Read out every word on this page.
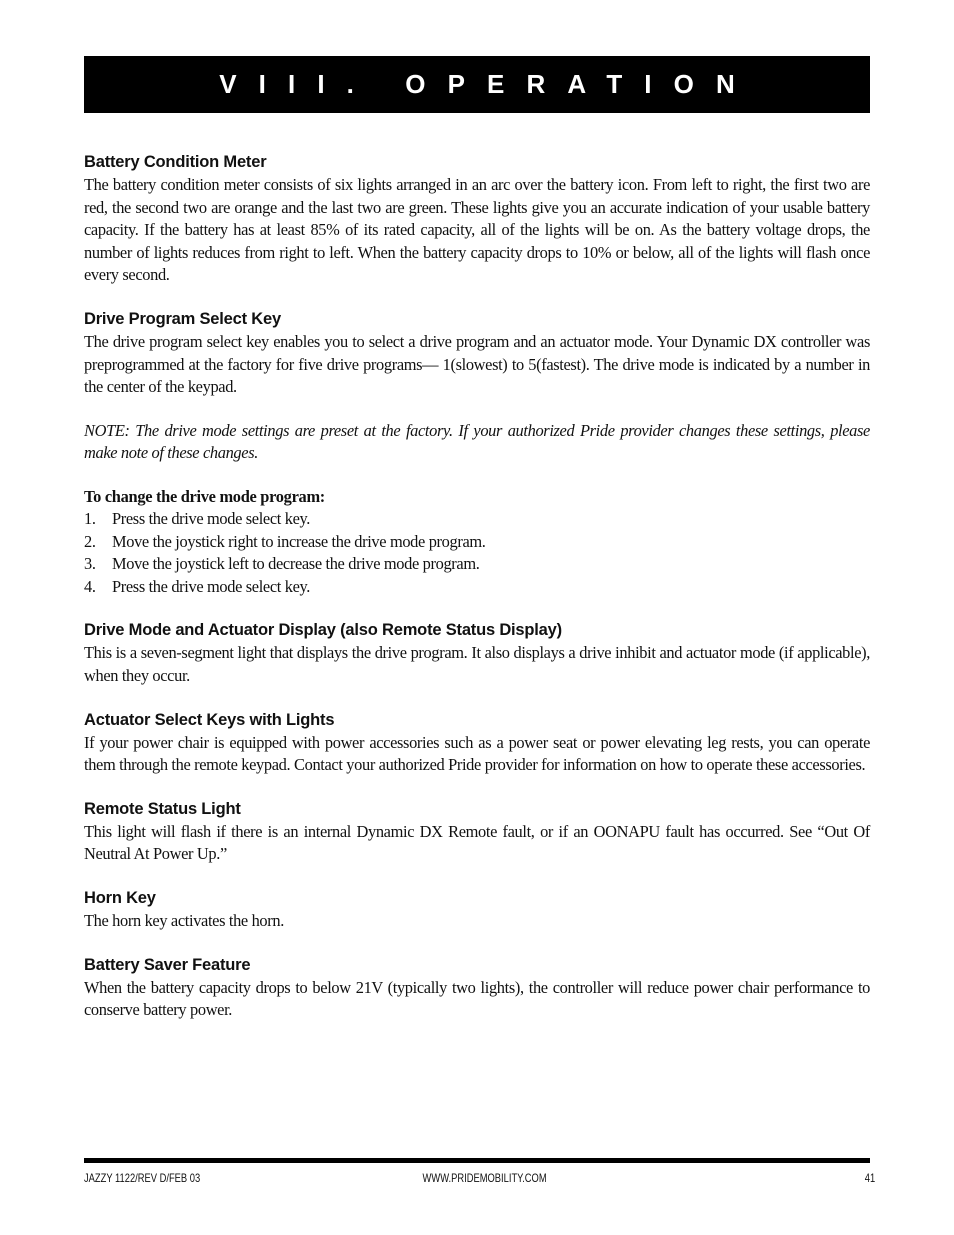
VIII. OPERATION
Battery Condition Meter

The battery condition meter consists of six lights arranged in an arc over the battery icon. From left to right, the first two are red, the second two are orange and the last two are green. These lights give you an accurate indication of your usable battery capacity. If the battery has at least 85% of its rated capacity, all of the lights will be on. As the battery voltage drops, the number of lights reduces from right to left. When the battery capacity drops to 10% or below, all of the lights will flash once every second.

Drive Program Select Key

The drive program select key enables you to select a drive program and an actuator mode. Your Dynamic DX controller was preprogrammed at the factory for five drive programs— 1(slowest) to 5(fastest). The drive mode is indicated by a number in the center of the keypad.

NOTE: The drive mode settings are preset at the factory. If your authorized Pride provider changes these settings, please make note of these changes.

To change the drive mode program:

1.	Press the drive mode select key.
2.	Move the joystick right to increase the drive mode program.
3.	Move the joystick left to decrease the drive mode program.
4.	Press the drive mode select key.
Drive Mode and Actuator Display (also Remote Status Display)

This is a seven-segment light that displays the drive program. It also displays a drive inhibit and actuator mode (if applicable), when they occur.

Actuator Select Keys with Lights

If your power chair is equipped with power accessories such as a power seat or power elevating leg rests, you can operate them through the remote keypad. Contact your authorized Pride provider for information on how to operate these accessories.

Remote Status Light

This light will flash if there is an internal Dynamic DX Remote fault, or if an OONAPU fault has occurred. See “Out Of Neutral At Power Up.”

Horn Key

The horn key activates the horn.

Battery Saver Feature

When the battery capacity drops to below 21V (typically two lights), the controller will reduce power chair performance to conserve battery power.

JAZZY 1122/REV D/FEB 03	WWW.PRIDEMOBILITY.COM	41
